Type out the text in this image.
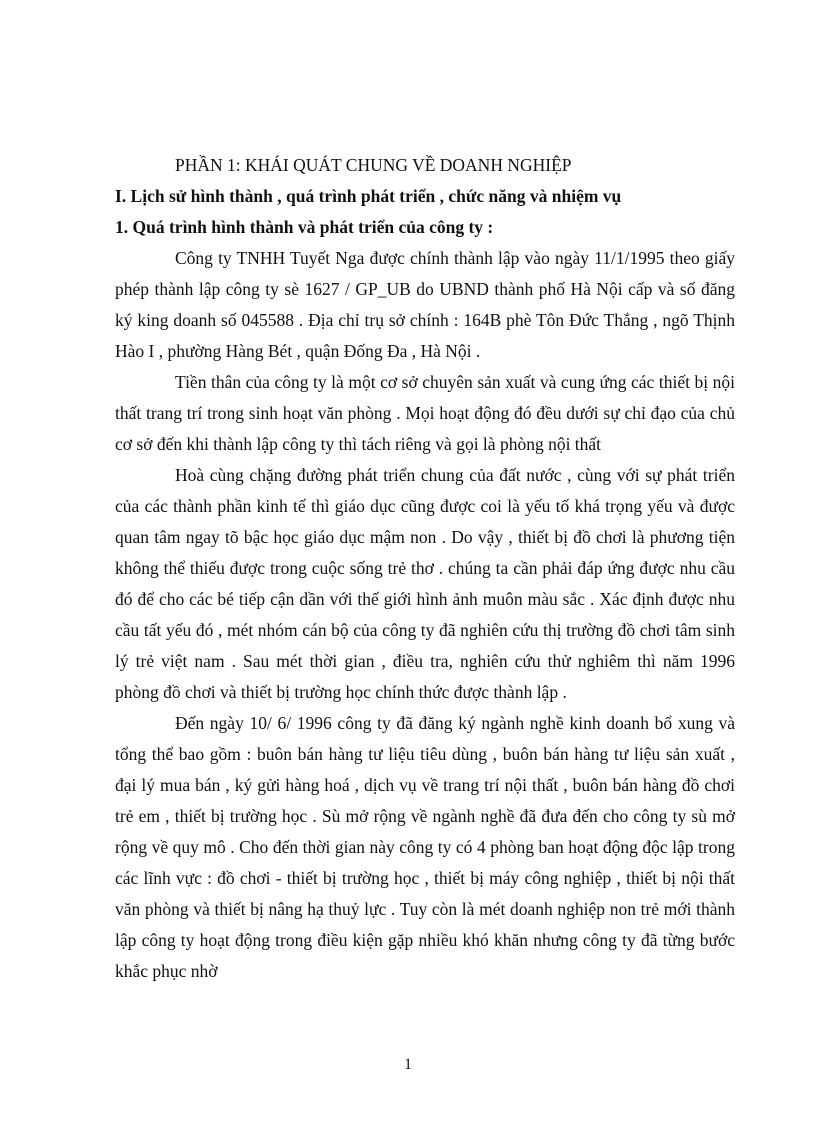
PHẦN 1: KHÁI QUÁT CHUNG VỀ DOANH NGHIỆP

I. Lịch sử hình thành , quá trình phát triển , chức năng và nhiệm vụ

1. Quá trình hình thành và phát triển của công ty :

Công ty TNHH Tuyết Nga được chính thành lập vào ngày 11/1/1995 theo giấy phép thành lập công ty sè 1627 / GP_UB do UBND thành phố Hà Nội cấp và số đăng ký king doanh số 045588 . Địa chỉ trụ sở chính : 164B phè Tôn Đức Thắng , ngõ Thịnh Hào I , phường Hàng Bét , quận Đống Đa , Hà Nội .

Tiền thân của công ty là một cơ sở chuyên sản xuất và cung ứng các thiết bị nội thất trang trí trong sinh hoạt văn phòng . Mọi hoạt động đó đều dưới sự chỉ đạo của chủ cơ sở đến khi thành lập công ty thì tách riêng và gọi là phòng nội thất

Hoà cùng chặng đường phát triển chung của đất nước , cùng với sự phát triển của các thành phần kinh tế thì giáo dục cũng được coi là yếu tố khá trọng yếu và được quan tâm ngay tõ bậc học giáo dục mậm non . Do vậy , thiết bị đồ chơi là phương tiện không thể thiếu được trong cuộc sống trẻ thơ . chúng ta cần phải đáp ứng được nhu cầu đó để cho các bé tiếp cận dần với thế giới hình ảnh muôn màu sắc . Xác định được nhu cầu tất yếu đó , mét nhóm cán bộ của công ty đã nghiên cứu thị trường đồ chơi tâm sinh lý trẻ việt nam . Sau mét thời gian , điều tra, nghiên cứu thử nghiêm thì năm 1996 phòng đồ chơi và thiết bị trường học chính thức được thành lập .

Đến ngày 10/ 6/ 1996 công ty đã đăng ký ngành nghề kinh doanh bổ xung và tổng thể bao gồm : buôn bán hàng tư liệu tiêu dùng , buôn bán hàng tư liệu sản xuất , đại lý mua bán , ký gửi hàng hoá , dịch vụ về trang trí nội thất , buôn bán hàng đồ chơi trẻ em , thiết bị trường học . Sù mở rộng về ngành nghề đã đưa đến cho công ty sù mở rộng về quy mô . Cho đến thời gian này công ty có 4 phòng ban hoạt động độc lập trong các lĩnh vực : đồ chơi - thiết bị trường học , thiết bị máy công nghiệp , thiết bị nội thất văn phòng và thiết bị nâng hạ thuỷ lực . Tuy còn là mét doanh nghiệp non trẻ mới thành lập công ty hoạt động trong điều kiện gặp nhiều khó khăn nhưng công ty đã từng bước khắc phục nhờ

1
